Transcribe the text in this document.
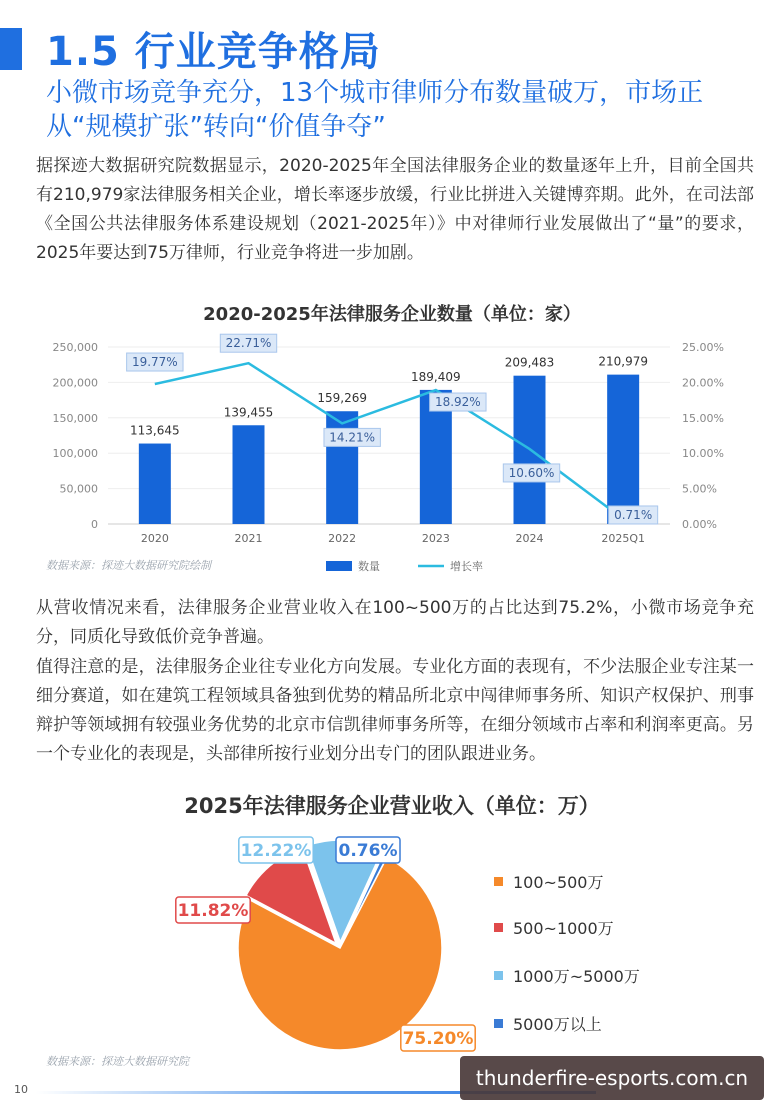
1.5 行业竞争格局
小微市场竞争充分，13个城市律师分布数量破万，市场正从“规模扩张”转向“价值争夺”
据探迹大数据研究院数据显示，2020-2025年全国法律服务企业的数量逐年上升，目前全国共有210,979家法律服务相关企业，增长率逐步放缓，行业比拼进入关键博弈期。此外，在司法部《全国公共法律服务体系建设规划（2021-2025年）》中对律师行业发展做出了“量”的要求，2025年要达到75万律师，行业竞争将进一步加剧。
2020-2025年法律服务企业数量（单位：家）
0
50,000
100,000
150,000
200,000
250,000
0.00%
5.00%
10.00%
15.00%
20.00%
25.00%
113,645
139,455
159,269
189,409
209,483	210,979
19.77%
22.71%
14.21%
18.92%
10.60%
0.71%
2020	2021	2022	2023	2024	2025Q1
数量	增长率
数据来源：探迹大数据研究院绘制
从营收情况来看，法律服务企业营业收入在100~500万的占比达到75.2%，小微市场竞争充分，同质化导致低价竞争普遍。
值得注意的是，法律服务企业往专业化方向发展。专业化方面的表现有，不少法服企业专注某一细分赛道，如在建筑工程领域具备独到优势的精品所北京中闯律师事务所、知识产权保护、刑事辩护等领域拥有较强业务优势的北京市信凯律师事务所等，在细分领域市占率和利润率更高。另一个专业化的表现是，头部律所按行业划分出专门的团队跟进业务。
2025年法律服务企业营业收入（单位：万）
75.20%
11.82%
12.22% 0.76%
100~500万
500~1000万
1000万~5000万
5000万以上
数据来源：探迹大数据研究院
10	thunderfire-esports.com.cn
